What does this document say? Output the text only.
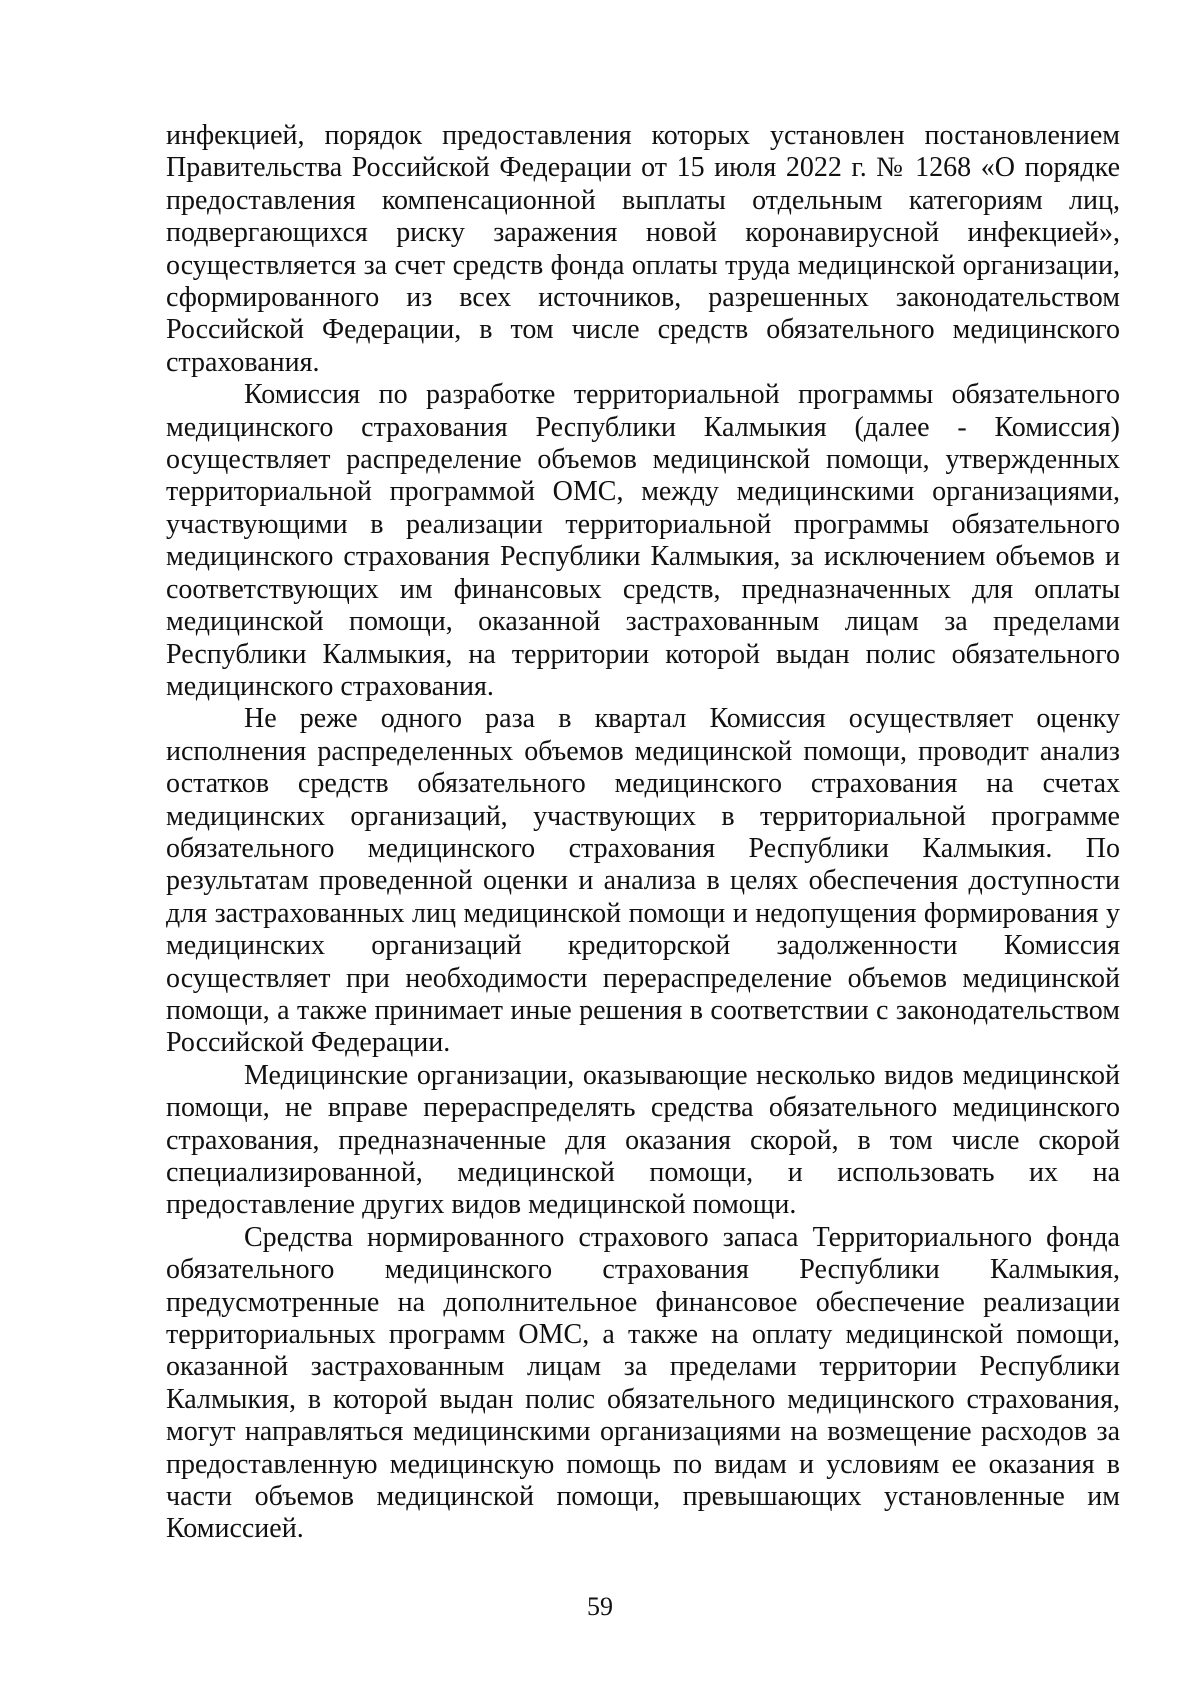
инфекцией, порядок предоставления которых установлен постановлением Правительства Российской Федерации от 15 июля 2022 г. № 1268 «О порядке предоставления компенсационной выплаты отдельным категориям лиц, подвергающихся риску заражения новой коронавирусной инфекцией», осуществляется за счет средств фонда оплаты труда медицинской организации, сформированного из всех источников, разрешенных законодательством Российской Федерации, в том числе средств обязательного медицинского страхования.

Комиссия по разработке территориальной программы обязательного медицинского страхования Республики Калмыкия (далее - Комиссия) осуществляет распределение объемов медицинской помощи, утвержденных территориальной программой ОМС, между медицинскими организациями, участвующими в реализации территориальной программы обязательного медицинского страхования Республики Калмыкия, за исключением объемов и соответствующих им финансовых средств, предназначенных для оплаты медицинской помощи, оказанной застрахованным лицам за пределами Республики Калмыкия, на территории которой выдан полис обязательного медицинского страхования.

Не реже одного раза в квартал Комиссия осуществляет оценку исполнения распределенных объемов медицинской помощи, проводит анализ остатков средств обязательного медицинского страхования на счетах медицинских организаций, участвующих в территориальной программе обязательного медицинского страхования Республики Калмыкия. По результатам проведенной оценки и анализа в целях обеспечения доступности для застрахованных лиц медицинской помощи и недопущения формирования у медицинских организаций кредиторской задолженности Комиссия осуществляет при необходимости перераспределение объемов медицинской помощи, а также принимает иные решения в соответствии с законодательством Российской Федерации.

Медицинские организации, оказывающие несколько видов медицинской помощи, не вправе перераспределять средства обязательного медицинского страхования, предназначенные для оказания скорой, в том числе скорой специализированной, медицинской помощи, и использовать их на предоставление других видов медицинской помощи.

Средства нормированного страхового запаса Территориального фонда обязательного медицинского страхования Республики Калмыкия, предусмотренные на дополнительное финансовое обеспечение реализации территориальных программ ОМС, а также на оплату медицинской помощи, оказанной застрахованным лицам за пределами территории Республики Калмыкия, в которой выдан полис обязательного медицинского страхования, могут направляться медицинскими организациями на возмещение расходов за предоставленную медицинскую помощь по видам и условиям ее оказания в части объемов медицинской помощи, превышающих установленные им Комиссией.

59
